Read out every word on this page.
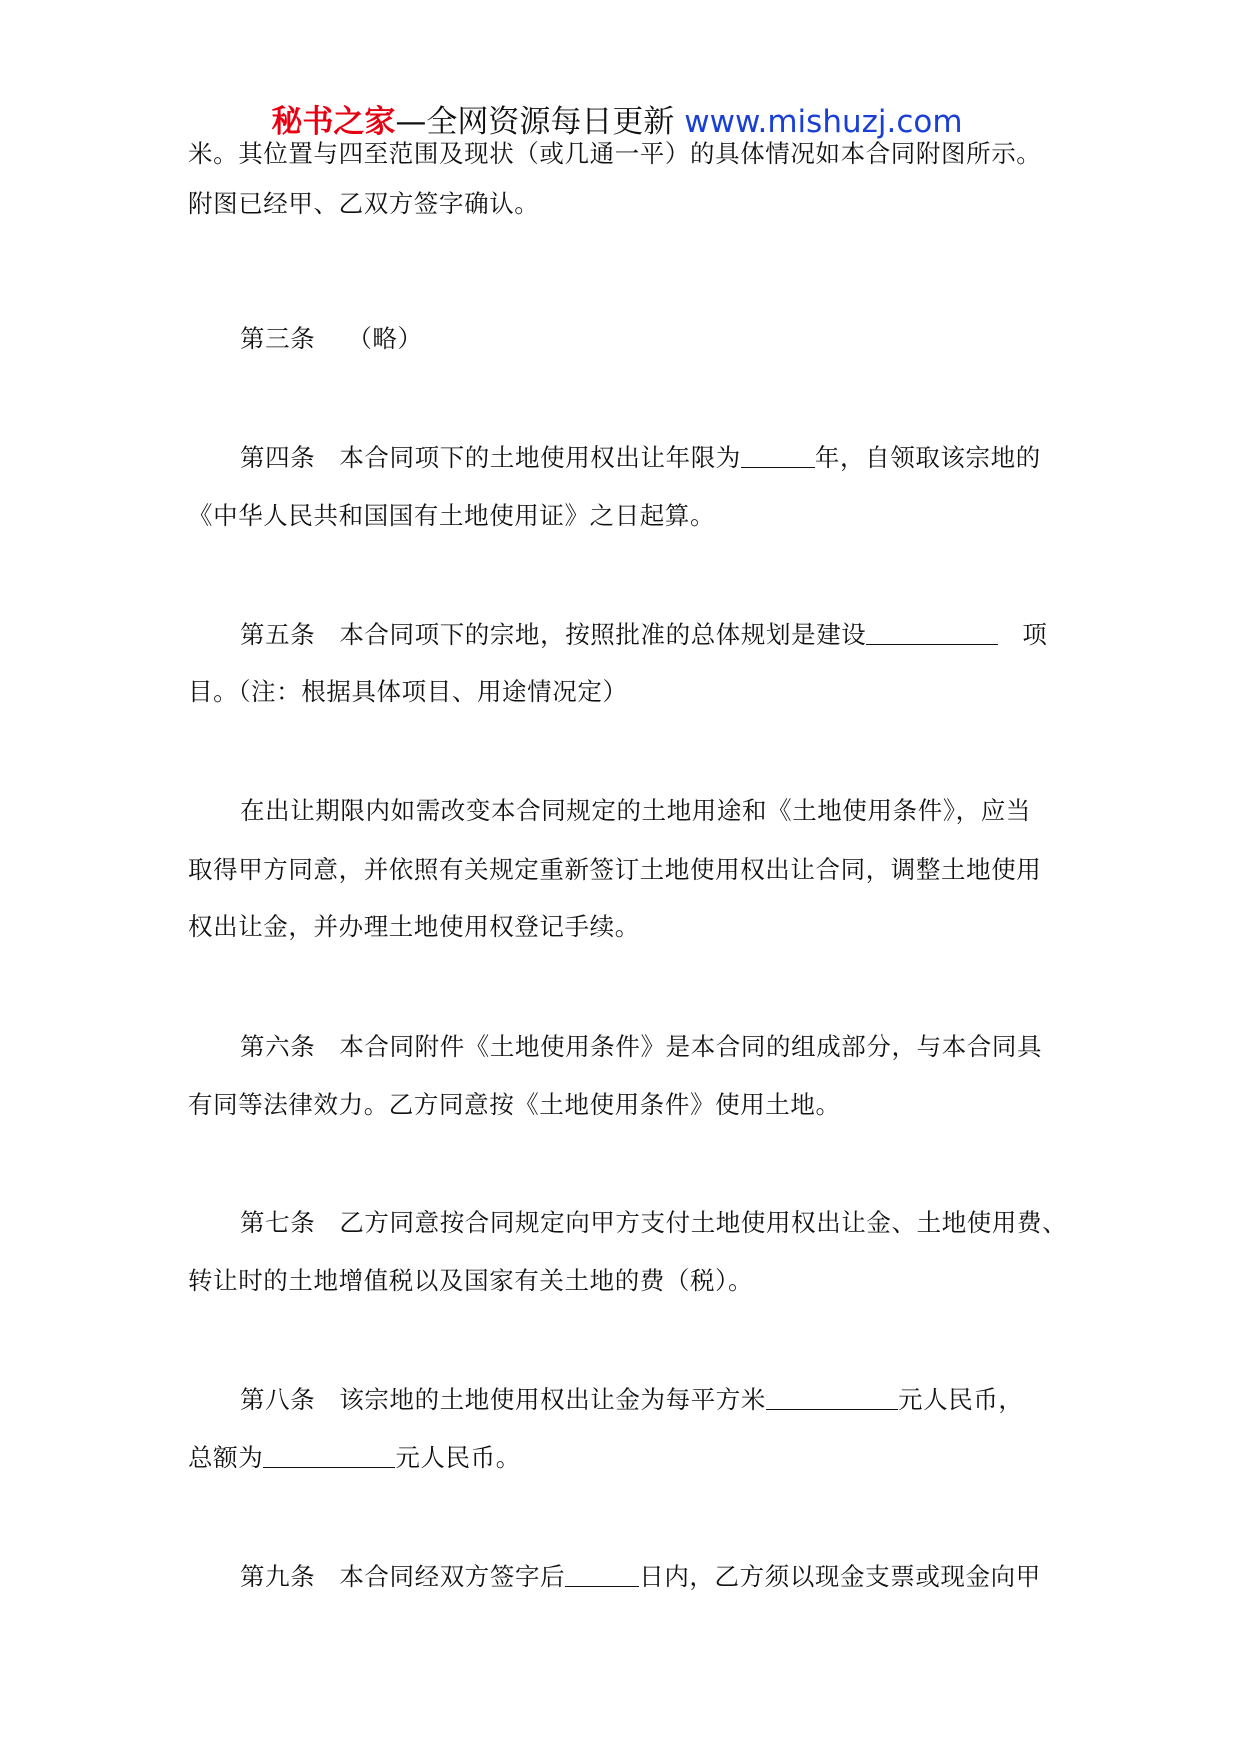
秘书之家—全网资源每日更新 www.mishuzj.com

米。其位置与四至范围及现状（或几通一平）的具体情况如本合同附图所示。

附图已经甲、乙双方签字确认。

第三条 （略）

第四条 本合同项下的土地使用权出让年限为	年，自领取该宗地的

《中华人民共和国国有土地使用证》之日起算。

第五条 本合同项下的宗地，按照批准的总体规划是建设	项

目。（注：根据具体项目、用途情况定）

在出让期限内如需改变本合同规定的土地用途和《土地使用条件》，应当

取得甲方同意，并依照有关规定重新签订土地使用权出让合同，调整土地使用

权出让金，并办理土地使用权登记手续。

第六条 本合同附件《土地使用条件》是本合同的组成部分，与本合同具

有同等法律效力。乙方同意按《土地使用条件》使用土地。

第七条 乙方同意按合同规定向甲方支付土地使用权出让金、土地使用费、

转让时的土地增值税以及国家有关土地的费（税）。

第八条 该宗地的土地使用权出让金为每平方米	元人民币，

总额为	元人民币。

第九条 本合同经双方签字后	日内，乙方须以现金支票或现金向甲
